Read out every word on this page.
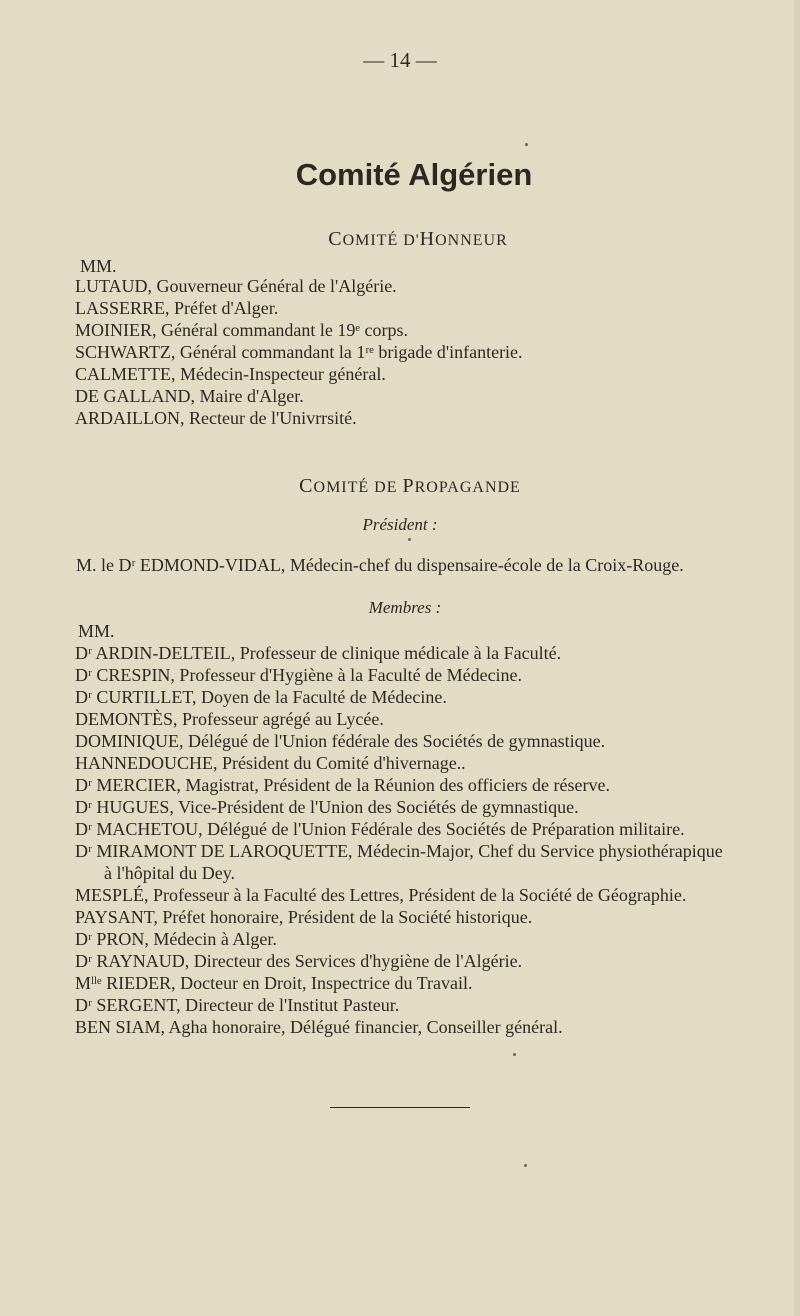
— 14 —
Comité Algérien
COMITÉ D'HONNEUR
MM.
LUTAUD, Gouverneur Général de l'Algérie.
LASSERRE, Préfet d'Alger.
MOINIER, Général commandant le 19ᵉ corps.
SCHWARTZ, Général commandant la 1ʳᵉ brigade d'infanterie.
CALMETTE, Médecin-Inspecteur général.
DE GALLAND, Maire d'Alger.
ARDAILLON, Recteur de l'Univrrsité.
COMITÉ DE PROPAGANDE
Président :
M. le Dʳ EDMOND-VIDAL, Médecin-chef du dispensaire-école de la Croix-Rouge.
Membres :
MM.
Dʳ ARDIN-DELTEIL, Professeur de clinique médicale à la Faculté.
Dʳ CRESPIN, Professeur d'Hygiène à la Faculté de Médecine.
Dʳ CURTILLET, Doyen de la Faculté de Médecine.
DEMONTÈS, Professeur agrégé au Lycée.
DOMINIQUE, Délégué de l'Union fédérale des Sociétés de gymnastique.
HANNEDOUCHE, Président du Comité d'hivernage..
Dʳ MERCIER, Magistrat, Président de la Réunion des officiers de réserve.
Dʳ HUGUES, Vice-Président de l'Union des Sociétés de gymnastique.
Dʳ MACHETOU, Délégué de l'Union Fédérale des Sociétés de Préparation militaire.
Dʳ MIRAMONT DE LAROQUETTE, Médecin-Major, Chef du Service physiothérapique
à l'hôpital du Dey.
MESPLÉ, Professeur à la Faculté des Lettres, Président de la Société de Géographie.
PAYSANT, Préfet honoraire, Président de la Société historique.
Dʳ PRON, Médecin à Alger.
Dʳ RAYNAUD, Directeur des Services d'hygiène de l'Algérie.
Mˡˡᵉ RIEDER, Docteur en Droit, Inspectrice du Travail.
Dʳ SERGENT, Directeur de l'Institut Pasteur.
BEN SIAM, Agha honoraire, Délégué financier, Conseiller général.
